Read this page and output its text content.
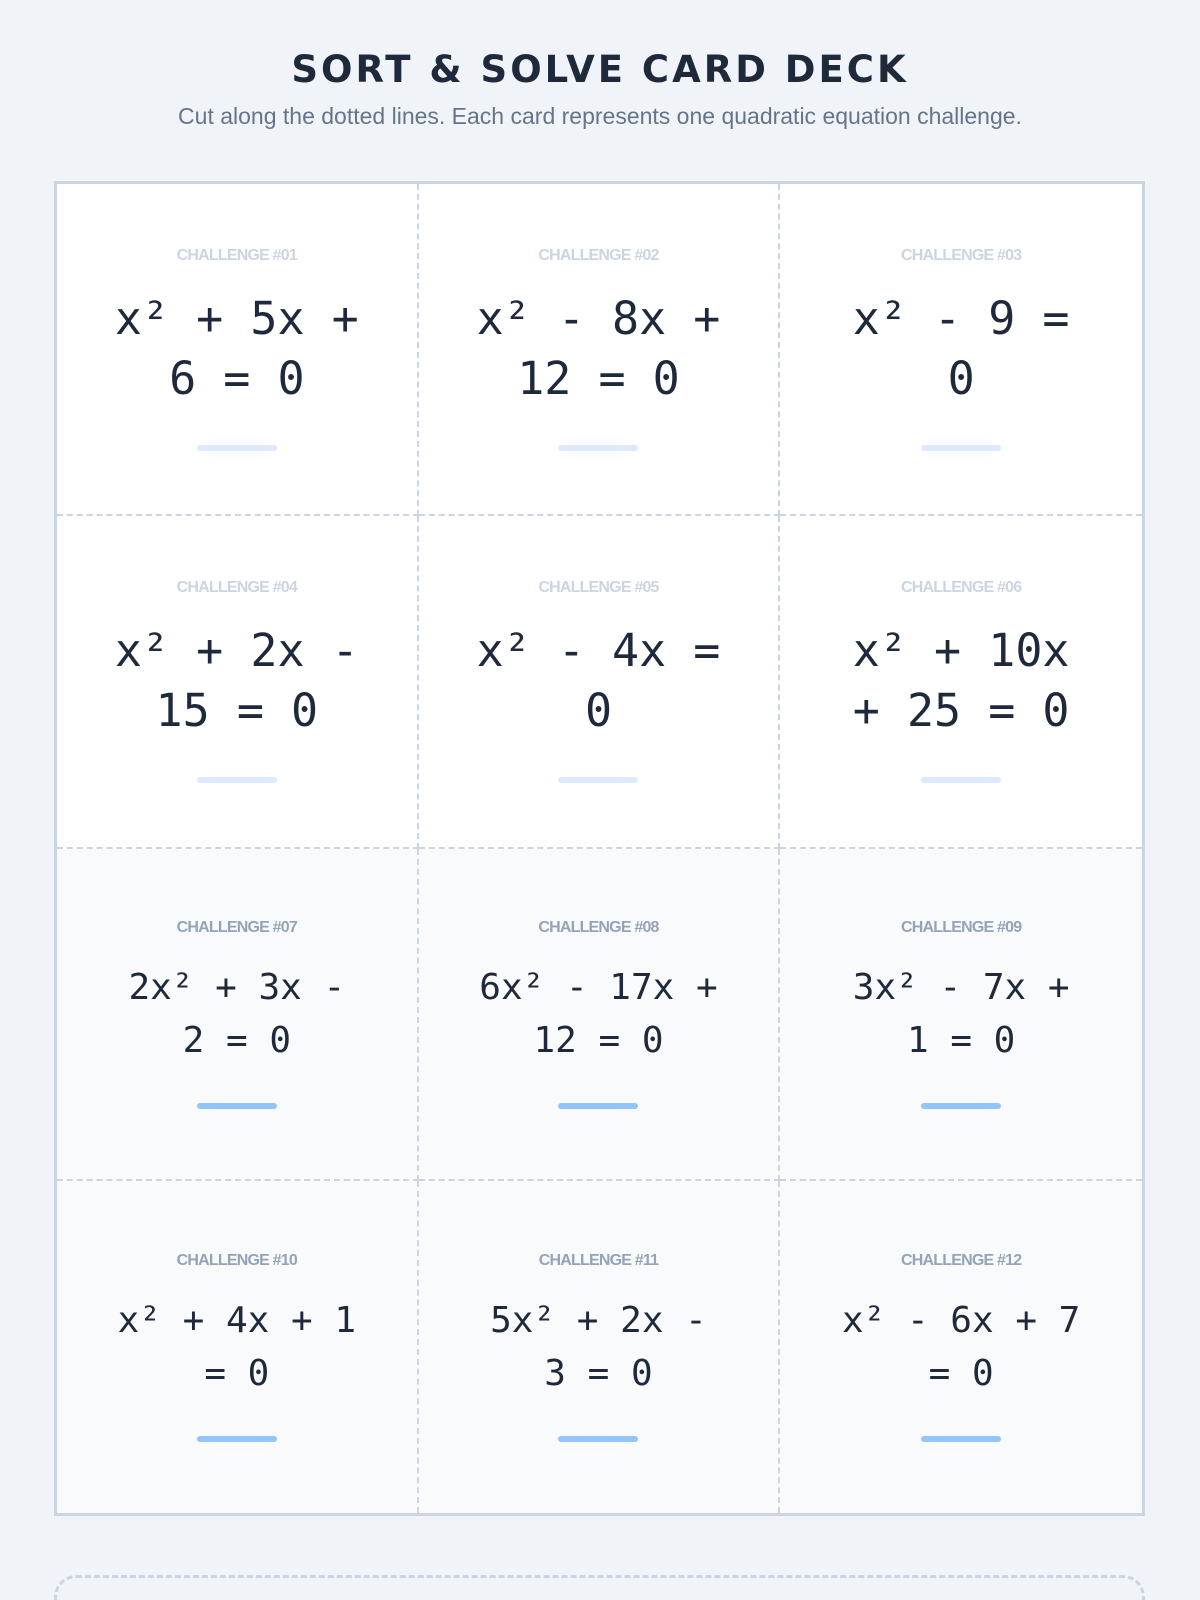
SORT & SOLVE CARD DECK
Cut along the dotted lines. Each card represents one quadratic equation challenge.
CHALLENGE #01
x² + 5x + 6 = 0
CHALLENGE #02
x² - 8x + 12 = 0
CHALLENGE #03
x² - 9 = 0
CHALLENGE #04
x² + 2x - 15 = 0
CHALLENGE #05
x² - 4x = 0
CHALLENGE #06
x² + 10x + 25 = 0
CHALLENGE #07
2x² + 3x - 2 = 0
CHALLENGE #08
6x² - 17x + 12 = 0
CHALLENGE #09
3x² - 7x + 1 = 0
CHALLENGE #10
x² + 4x + 1 = 0
CHALLENGE #11
5x² + 2x - 3 = 0
CHALLENGE #12
x² - 6x + 7 = 0
